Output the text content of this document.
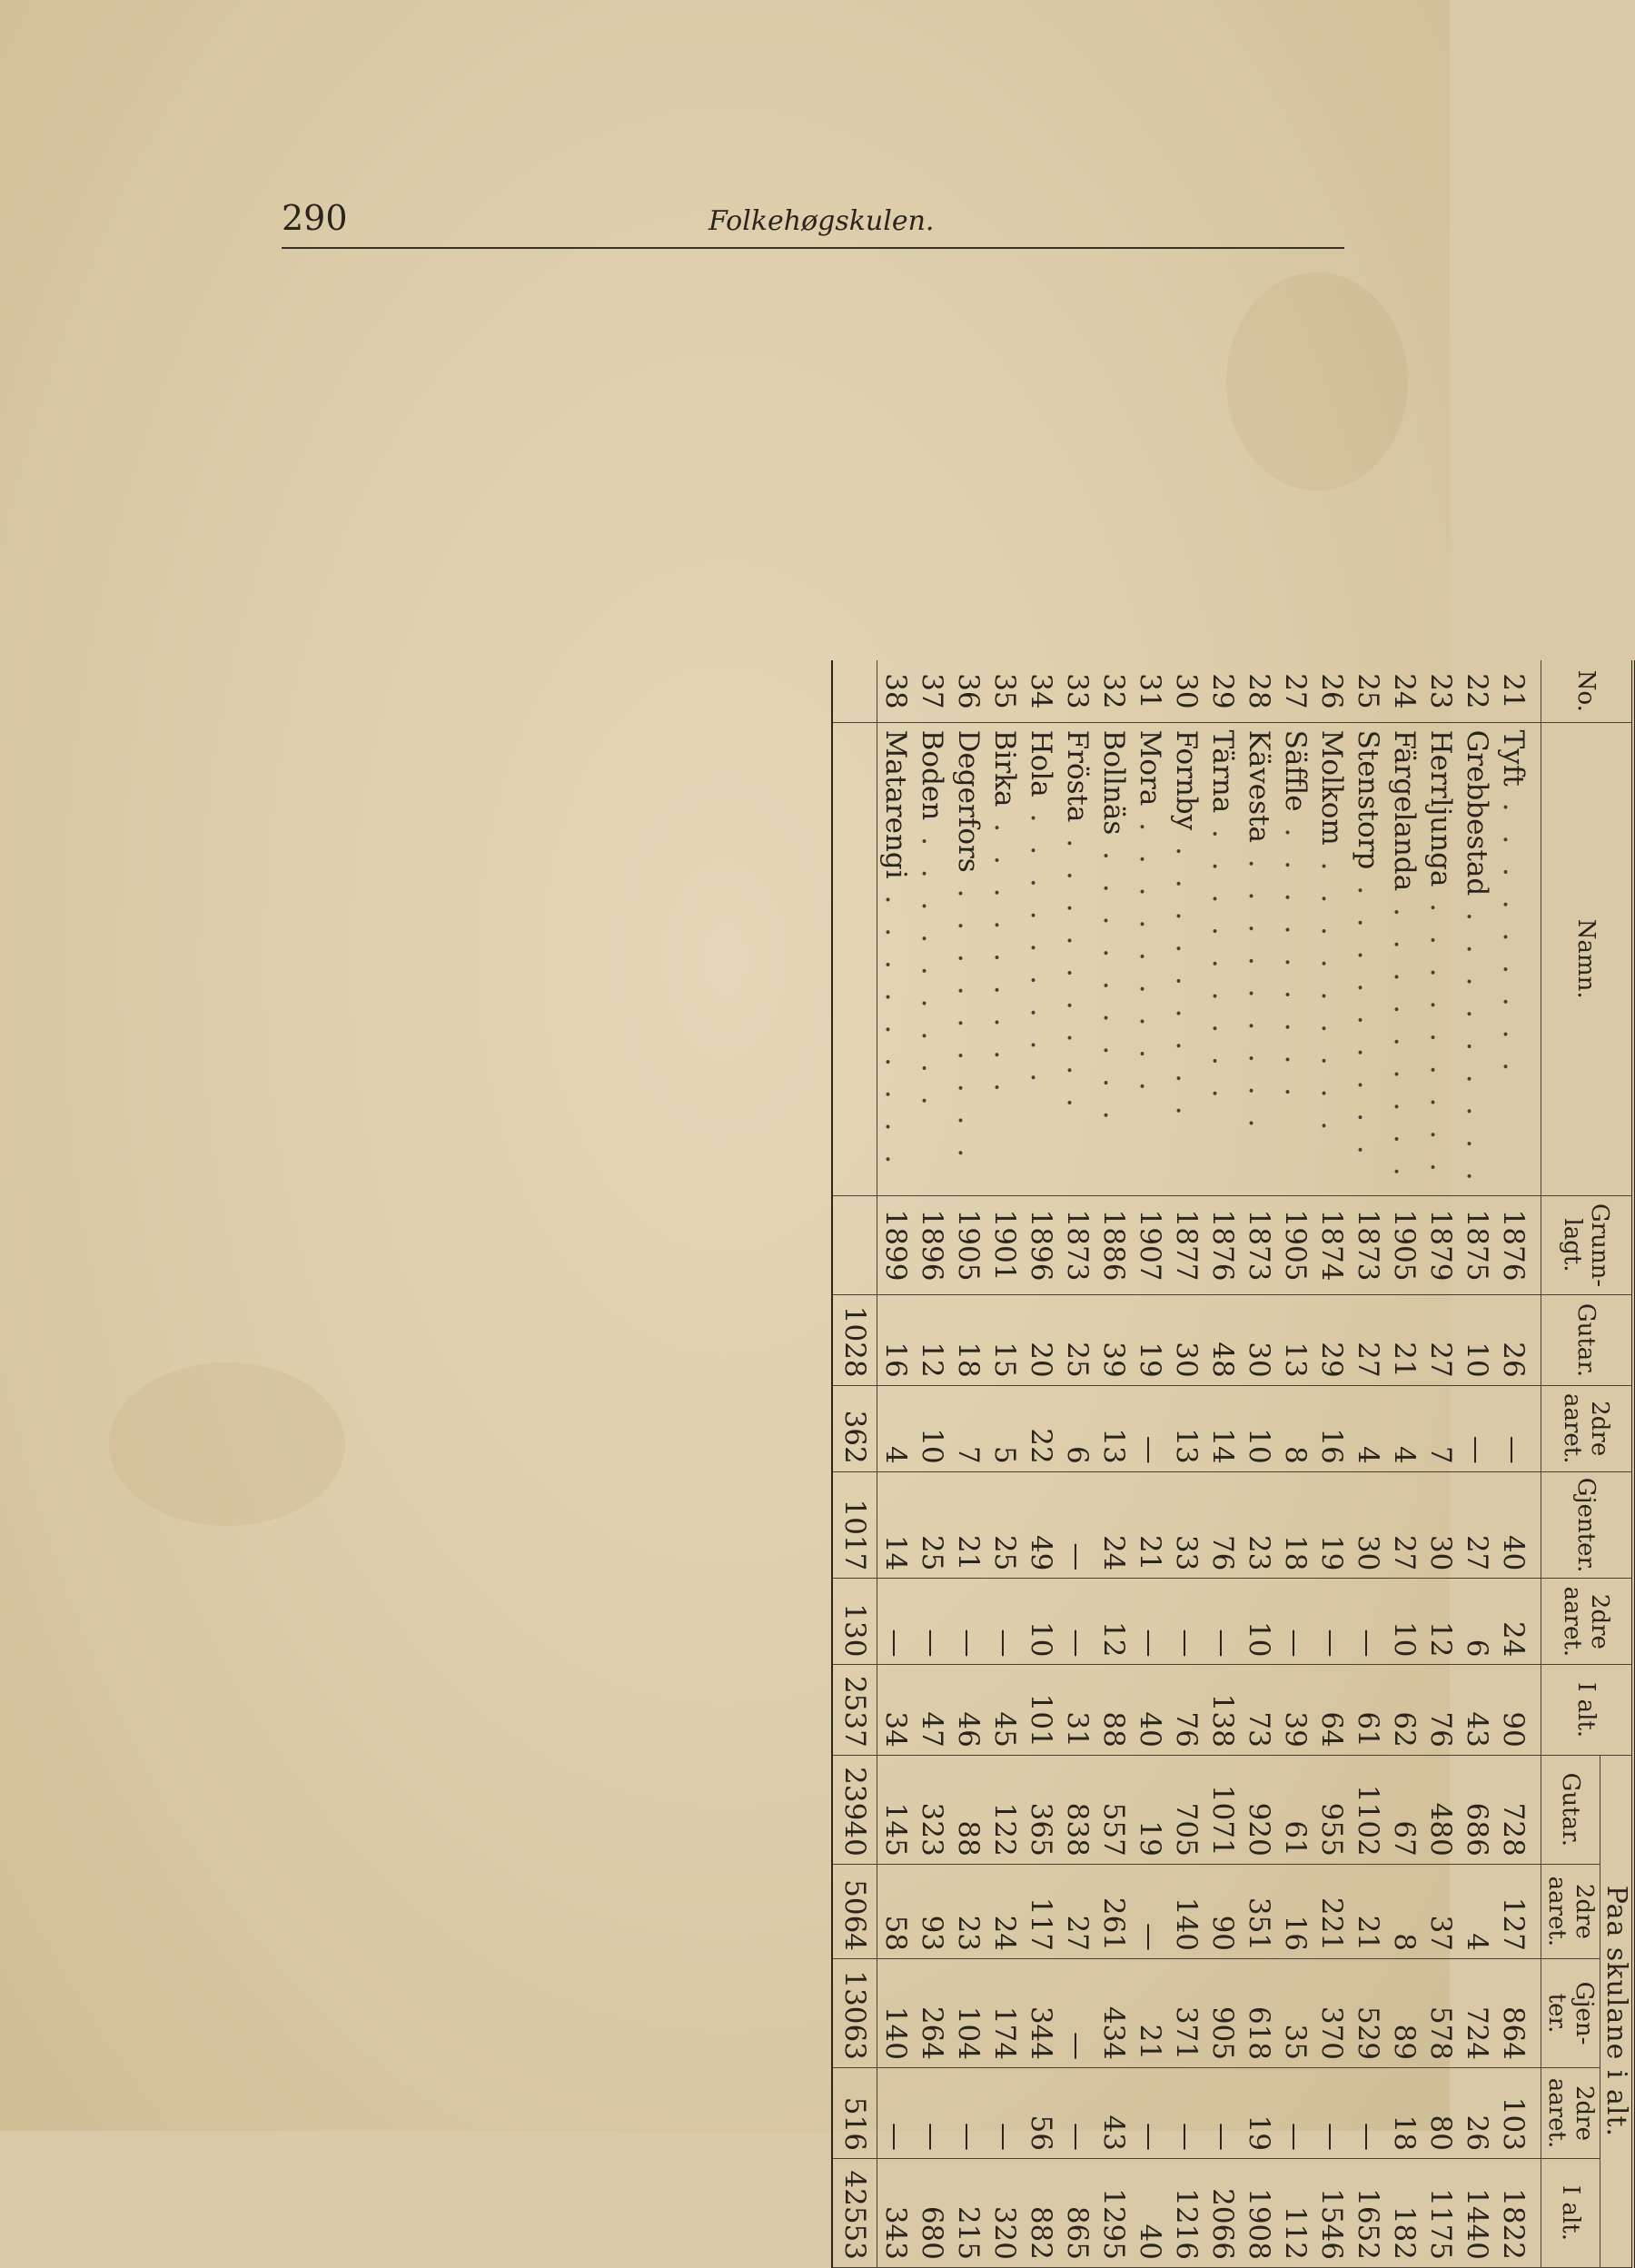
290	Folkehøgskulen.
No.	Namn.	Grunn-lagt.	Gutar.	2dre aaret.	Gjenter.	2dre aaret.	I alt.	Paa skulane i alt.				
								Gutar.	2dre aaret.	Gjen-ter.	2dre aaret.	I alt.
21	Tyft . . . . . . . . .	1876	26	—	40	24	90	728	127	864	103	1822
22	Grebbestad . . . . . . . . .	1875	10	—	27	6	43	686	4	724	26	1440
23	Herrljunga . . . . . . . . .	1879	27	7	30	12	76	480	37	578	80	1175
24	Färgelanda . . . . . . . . .	1905	21	4	27	10	62	67	8	89	18	182
25	Stenstorp . . . . . . . . .	1873	27	4	30	—	61	1102	21	529	—	1652
26	Molkom . . . . . . . . .	1874	29	16	19	—	64	955	221	370	—	1546
27	Säffle . . . . . . . . .	1905	13	8	18	—	39	61	16	35	—	112
28	Kävesta . . . . . . . . .	1873	30	10	23	10	73	920	351	618	19	1908
29	Tärna . . . . . . . . .	1876	48	14	76	—	138	1071	90	905	—	2066
30	Fornby . . . . . . . . .	1877	30	13	33	—	76	705	140	371	—	1216
31	Mora . . . . . . . . .	1907	19	—	21	—	40	19	—	21	—	40
32	Bollnäs . . . . . . . . .	1886	39	13	24	12	88	557	261	434	43	1295
33	Frösta . . . . . . . . .	1873	25	6	—	—	31	838	27	—	—	865
34	Hola . . . . . . . . .	1896	20	22	49	10	101	365	117	344	56	882
35	Birka . . . . . . . . .	1901	15	5	25	—	45	122	24	174	—	320
36	Degerfors . . . . . . . . .	1905	18	7	21	—	46	88	23	104	—	215
37	Boden . . . . . . . . .	1896	12	10	25	—	47	323	93	264	—	680
38	Matarengi . . . . . . . . .	1899	16	4	14	—	34	145	58	140	—	343
			1028	362	1017	130	2537	23940	5064	13063	516	42553
